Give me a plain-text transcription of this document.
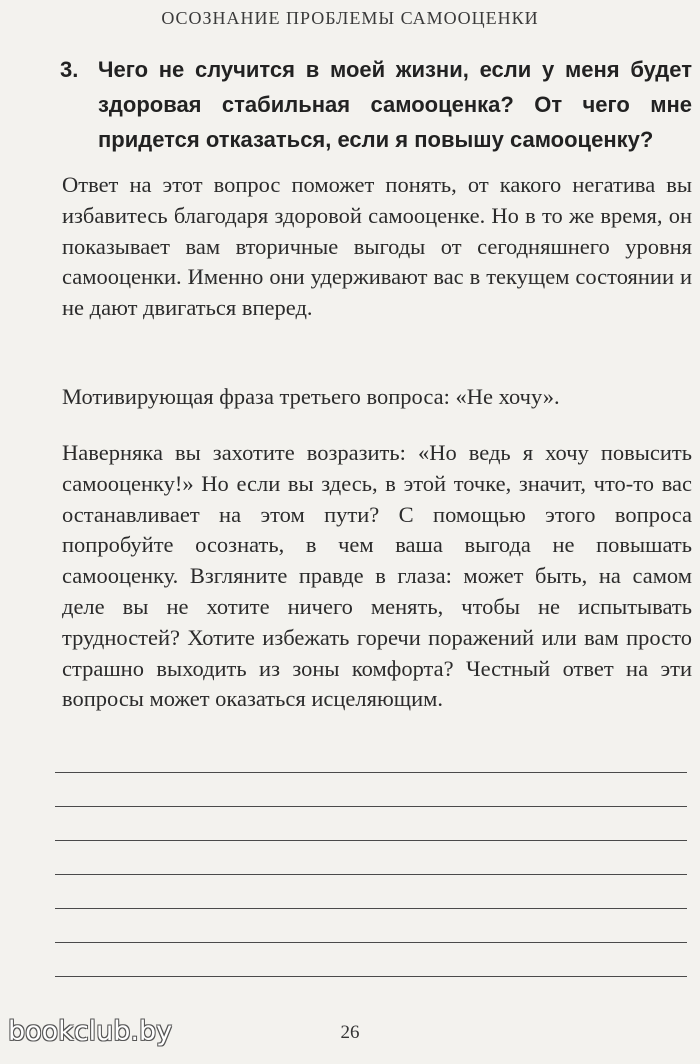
ОСОЗНАНИЕ ПРОБЛЕМЫ САМООЦЕНКИ
3. Чего не случится в моей жизни, если у меня будет здоровая стабильная самооценка? От чего мне придется отказаться, если я повышу самооценку?
Ответ на этот вопрос поможет понять, от какого негатива вы избавитесь благодаря здоровой самооценке. Но в то же время, он показывает вам вторичные выгоды от сегодняшнего уровня самооценки. Именно они удерживают вас в текущем состоянии и не дают двигаться вперед.
Мотивирующая фраза третьего вопроса: «Не хочу».
Наверняка вы захотите возразить: «Но ведь я хочу повысить самооценку!» Но если вы здесь, в этой точке, значит, что-то вас останавливает на этом пути? С помощью этого вопроса попробуйте осознать, в чем ваша выгода не повышать самооценку. Взгляните правде в глаза: может быть, на самом деле вы не хотите ничего менять, чтобы не испытывать трудностей? Хотите избежать горечи поражений или вам просто страшно выходить из зоны комфорта? Честный ответ на эти вопросы может оказаться исцеляющим.
26
bookclub.by
